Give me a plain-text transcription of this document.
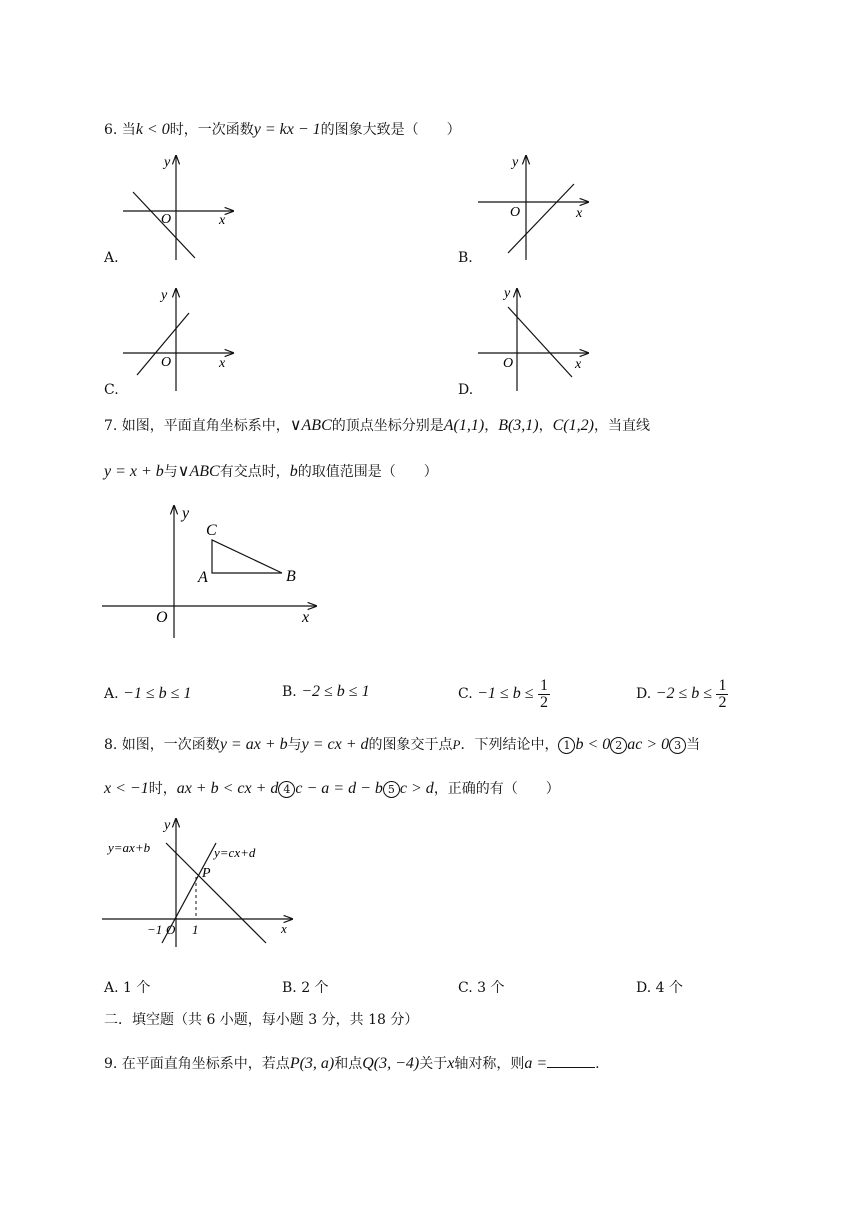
6. 当k < 0时，一次函数y = kx − 1的图象大致是（　　）
O	x
y
A.
O	x
y
B.
O	x
y
C.
O	x
y
D.
7. 如图，平面直角坐标系中，∨ABC的顶点坐标分别是A(1,1)，B(3,1)，C(1,2)，当直线
y = x + b与∨ABC有交点时，b的取值范围是（　　）
C
A	B
O	x
y
A. −1 ≤ b ≤ 1	B. −2 ≤ b ≤ 1	C. $-1 \le b \le \frac{1}{2}$	D. $-2 \le b \le \frac{1}{2}$
8. 如图，一次函数y = ax + b与y = cx + d的图象交于点P．下列结论中， 1 b < 0 2 ac > 0 3 当
x < −1时，ax + b < cx + d 4 c − a = d − b 5 c > d，正确的有（　　）
y=ax+b	y=cx+d
P
y
x
−1 O 1
A. 1 个	B. 2 个	C. 3 个	D. 4 个
二．填空题（共 6 小题，每小题 3 分，共 18 分）
9. 在平面直角坐标系中，若点P(3, a)和点Q(3, −4)关于x轴对称，则a =	.
